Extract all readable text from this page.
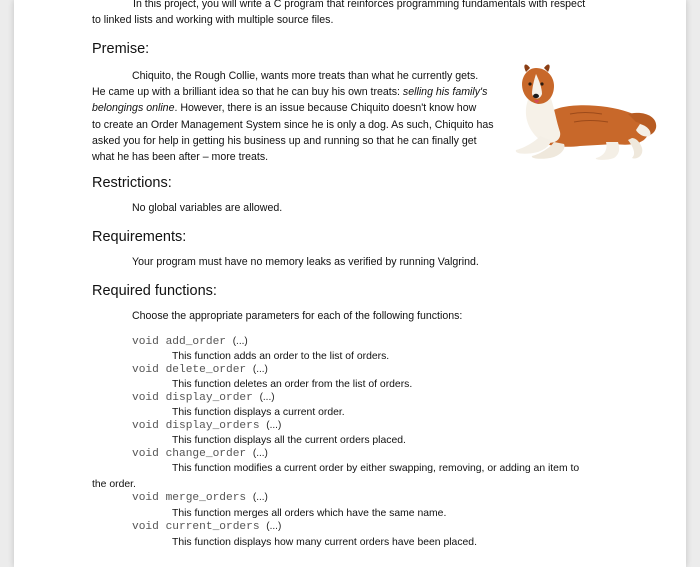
In this project, you will write a C program that reinforces programming fundamentals with respect
to linked lists and working with multiple source files.
Premise:
Chiquito, the Rough Collie, wants more treats than what he currently gets.
He came up with a brilliant idea so that he can buy his own treats: selling his family's
belongings online. However, there is an issue because Chiquito doesn't know how
to create an Order Management System since he is only a dog. As such, Chiquito has
asked you for help in getting his business up and running so that he can finally get
what he has been after – more treats.
Restrictions:
No global variables are allowed.
Requirements:
Your program must have no memory leaks as verified by running Valgrind.
Required functions:
Choose the appropriate parameters for each of the following functions:
void add_order (...)
This function adds an order to the list of orders.
void delete_order (...)
This function deletes an order from the list of orders.
void display_order (...)
This function displays a current order.
void display_orders (...)
This function displays all the current orders placed.
void change_order (...)
This function modifies a current order by either swapping, removing, or adding an item to
the order.
void merge_orders (...)
This function merges all orders which have the same name.
void current_orders (...)
This function displays how many current orders have been placed.
